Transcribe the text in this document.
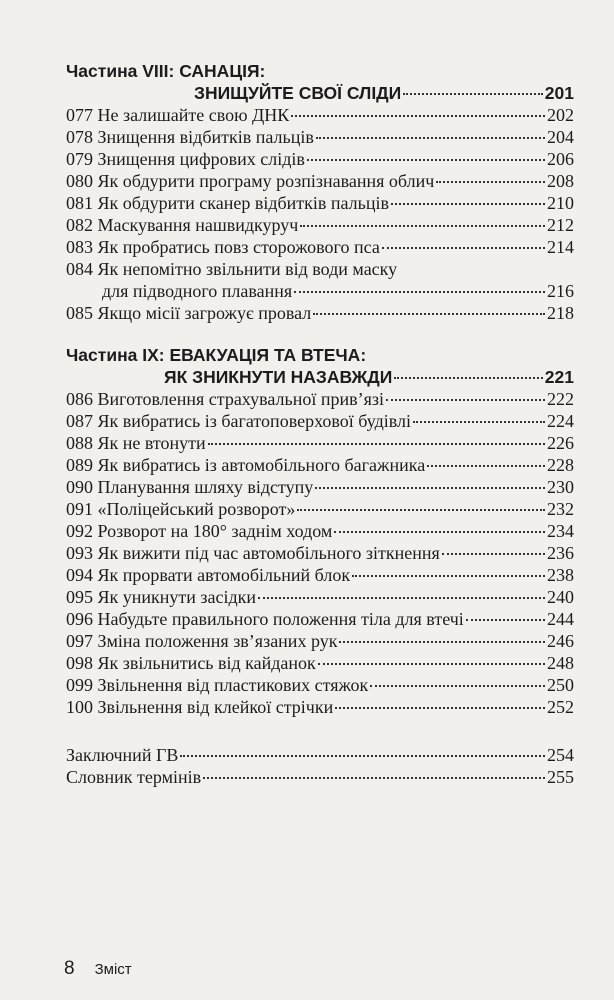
Частина VIII: САНАЦІЯ:
ЗНИЩУЙТЕ СВОЇ СЛІДИ	201
077 Не залишайте свою ДНК	202
078 Знищення відбитків пальців	204
079 Знищення цифрових слідів	206
080 Як обдурити програму розпізнавання облич	208
081 Як обдурити сканер відбитків пальців	210
082 Маскування нашвидкуруч	212
083 Як пробратись повз сторожового пса	214
084 Як непомітно звільнити від води маску
для підводного плавання	216
085 Якщо місії загрожує провал	218
Частина IX: ЕВАКУАЦІЯ ТА ВТЕЧА:
ЯК ЗНИКНУТИ НАЗАВЖДИ	221
086 Виготовлення страхувальної прив’язі	222
087 Як вибратись із багатоповерхової будівлі	224
088 Як не втонути	226
089 Як вибратись із автомобільного багажника	228
090 Планування шляху відступу	230
091 «Поліцейський розворот»	232
092 Розворот на 180° заднім ходом	234
093 Як вижити під час автомобільного зіткнення	236
094 Як прорвати автомобільний блок	238
095 Як уникнути засідки	240
096 Набудьте правильного положення тіла для втечі	244
097 Зміна положення зв’язаних рук	246
098 Як звільнитись від кайданок	248
099 Звільнення від пластикових стяжок	250
100 Звільнення від клейкої стрічки	252
Заключний ГВ	254
Словник термінів	255
8 Зміст
